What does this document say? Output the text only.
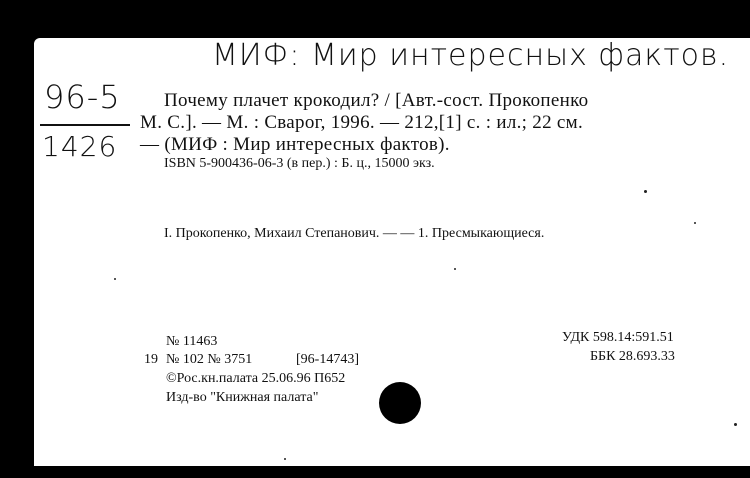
МИФ: Мир интересных фактов.
96-5
1426
Почему плачет крокодил? / [Авт.-сост. Прокопенко
М. С.]. — М. : Сварог, 1996. — 212,[1] с. : ил.; 22 см.
— (МИФ : Мир интересных фактов).
ISBN 5-900436-06-3 (в пер.) : Б. ц., 15000 экз.
I. Прокопенко, Михаил Степанович. — — 1. Пресмыкающиеся.
№ 11463
19 № 102 № 3751	[96-14743]
©Рос.кн.палата 25.06.96 П652
Изд-во "Книжная палата"
УДК 598.14:591.51
ББК 28.693.33
